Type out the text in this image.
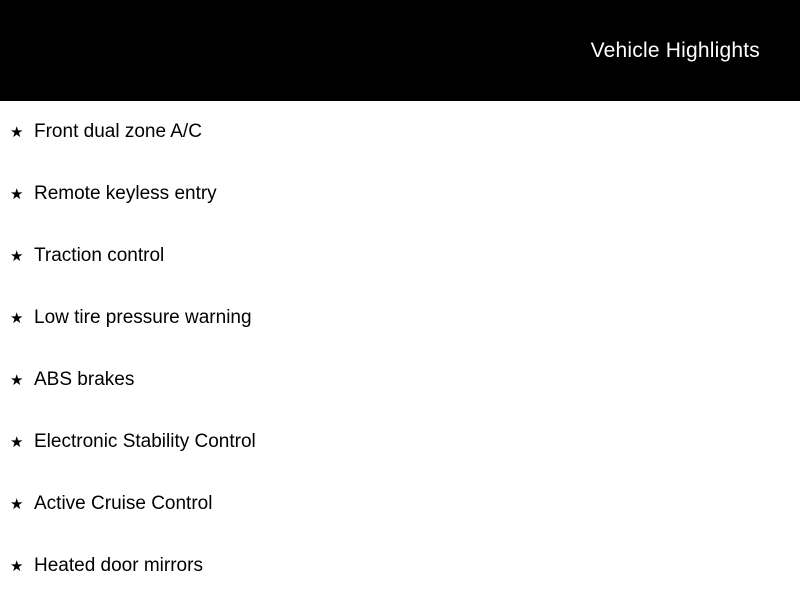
Vehicle Highlights
★ Front dual zone A/C
★ Remote keyless entry
★ Traction control
★ Low tire pressure warning
★ ABS brakes
★ Electronic Stability Control
★ Active Cruise Control
★ Heated door mirrors
